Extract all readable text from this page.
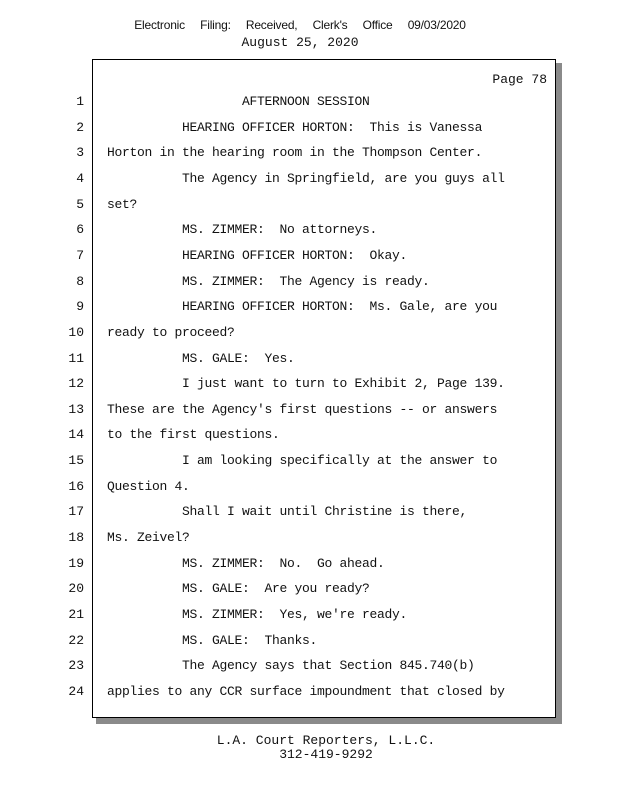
Electronic Filing: Received, Clerk's Office 09/03/2020
August 25, 2020
Page 78
1 AFTERNOON SESSION
2 HEARING OFFICER HORTON:  This is Vanessa
3 Horton in the hearing room in the Thompson Center.
4 The Agency in Springfield, are you guys all
5 set?
6 MS. ZIMMER:  No attorneys.
7 HEARING OFFICER HORTON:  Okay.
8 MS. ZIMMER:  The Agency is ready.
9 HEARING OFFICER HORTON:  Ms. Gale, are you
10 ready to proceed?
11 MS. GALE:  Yes.
12 I just want to turn to Exhibit 2, Page 139.
13 These are the Agency's first questions -- or answers
14 to the first questions.
15 I am looking specifically at the answer to
16 Question 4.
17 Shall I wait until Christine is there,
18 Ms. Zeivel?
19 MS. ZIMMER:  No.  Go ahead.
20 MS. GALE:  Are you ready?
21 MS. ZIMMER:  Yes, we're ready.
22 MS. GALE:  Thanks.
23 The Agency says that Section 845.740(b)
24 applies to any CCR surface impoundment that closed by
L.A. Court Reporters, L.L.C.
312-419-9292
